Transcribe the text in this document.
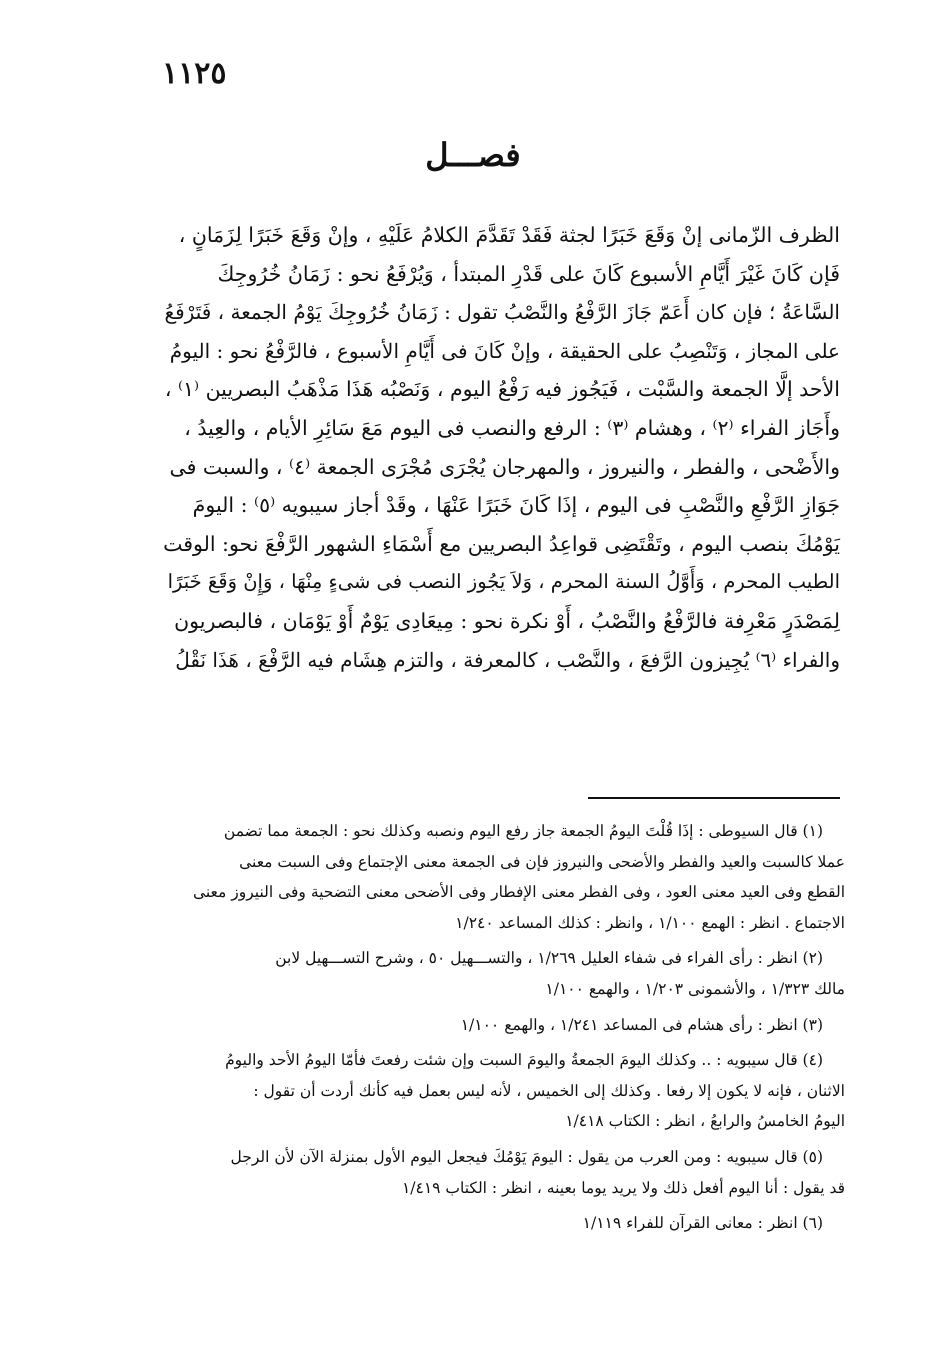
١١٢٥
فصـــل
الظرف الزّمانى إنْ وَقَعَ خَبَرًا لجثة فَقَدْ تَقَدَّمَ الكلامُ عَلَيْهِ ، وإنْ وَقَعَ خَبَرًا لِزَمَانٍ ،
فَإن كَانَ غَيْرَ أَيَّامِ الأسبوع كَانَ على قَدْرِ المبتدأ ، وَيُرْفَعُ نحو : زَمَانُ خُرُوجِكَ
السَّاعَةُ ؛ فإن كان أَعَمّ جَازَ الرَّفْعُ والنَّصْبُ تقول : زَمَانُ خُرُوجِكَ يَوْمُ الجمعة ، فَتَرْفَعُ
على المجاز ، وَتَنْصِبُ على الحقيقة ، وإنْ كَانَ فى أَيَّامِ الأسبوع ، فالرَّفْعُ نحو : اليومُ
الأحد إلَّا الجمعة والسَّبْت ، فَيَجُوز فيه رَفْعُ اليوم ، وَنَصْبُه هَذَا مَذْهَبُ البصريين ⁽١⁾ ،
وأَجَاز الفراء ⁽٢⁾ ، وهشام ⁽٣⁾ : الرفع والنصب فى اليوم مَعَ سَائِرِ الأيام ، والعِيدُ ،
والأَضْحى ، والفطر ، والنيروز ، والمهرجان يُجْرَى مُجْرَى الجمعة ⁽٤⁾ ، والسبت فى
جَوَازِ الرَّفْعِ والنَّصْبِ فى اليوم ، إذَا كَانَ خَبَرًا عَنْهَا ، وقَدْ أجاز سيبويه ⁽٥⁾ : اليومَ
يَوْمُكَ بنصب اليوم ، وتَقْتَضِى قواعِدُ البصريين مع أَسْمَاءِ الشهور الرَّفْعَ نحو: الوقت
الطيب المحرم ، وَأَوَّلُ السنة المحرم ، وَلاَ يَجُوز النصب فى شىءٍ مِنْهَا ، وَإِنْ وَقَعَ خَبَرًا
لِمَصْدَرٍ مَعْرِفة فالرَّفْعُ والنَّصْبُ ، أَوْ نكرة نحو : مِيعَادِى يَوْمٌ أَوْ يَوْمَان ، فالبصريون
والفراء ⁽٦⁾ يُجِيزون الرَّفعَ ، والنَّصْب ، كالمعرفة ، والتزم هِشَام فيه الرَّفْعَ ، هَذَا نَقْلُ
(١) قال السيوطى : إذَا قُلْتَ اليومُ الجمعة جاز رفع اليوم ونصبه وكذلك نحو : الجمعة مما تضمن
عملا كالسبت والعيد والفطر والأضحى والنيروز فإن فى الجمعة معنى الإجتماع وفى السبت معنى
القطع وفى العيد معنى العود ، وفى الفطر معنى الإفطار وفى الأضحى معنى التضحية وفى النيروز معنى
الاجتماع . انظر : الهمع ١/١٠٠ ، وانظر : كذلك المساعد ١/٢٤٠
(٢) انظر : رأى الفراء فى شفاء العليل ١/٢٦٩ ، والتســـهيل ٥٠ ، وشرح التســـهيل لابن
مالك ١/٣٢٣ ، والأشمونى ١/٢٠٣ ، والهمع ١/١٠٠
(٣) انظر : رأى هشام فى المساعد ١/٢٤١ ، والهمع ١/١٠٠
(٤) قال سيبويه : .. وكذلك اليومَ الجمعةُ واليومَ السبت وإن شئت رفعتَ فأمّا اليومُ الأحد واليومُ
الاثنان ، فإنه لا يكون إلا رفعا . وكذلك إلى الخميس ، لأنه ليس بعمل فيه كأنك أردت أن تقول :
اليومُ الخامسُ والرابعُ ، انظر : الكتاب ١/٤١٨
(٥) قال سيبويه : ومن العرب من يقول : اليومَ يَوْمُكَ فيجعل اليوم الأول بمنزلة الآن لأن الرجل
قد يقول : أنا اليوم أفعل ذلك ولا يريد يوما بعينه ، انظر : الكتاب ١/٤١٩
(٦) انظر : معانى القرآن للفراء ١/١١٩
